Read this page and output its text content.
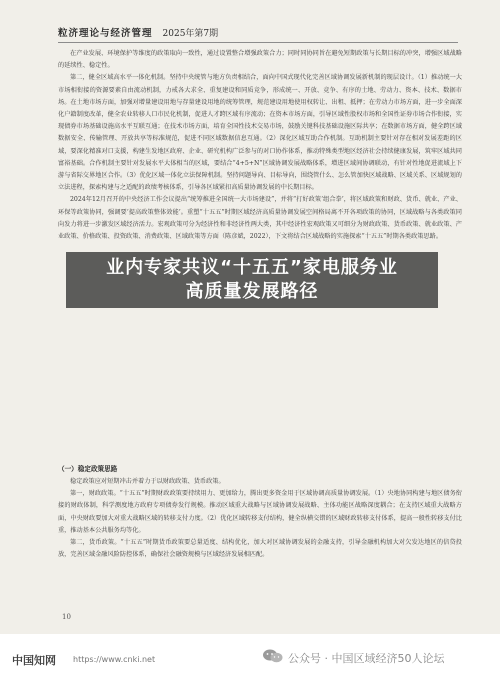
粒济理论与经济管理 2025年第7期

在产业发展、环境保护等维度的政策取向一致性，通过设置整合增强政策合力；同时同协同旨在避免短期政策与长期目标的冲突，增强区域战略的延续性、稳定性。

第二，健全区域高水平一体化机制。坚持中央统管与地方负责相结合，面向中国式现代化完善区域协调发展新机制的现层设计。（1）推动统一大市场相衔接的资源要素自由流动机制，力戒各大求全、重复建设和同质竞争，形成统一、开放、竞争、有序的土地、劳动力、资本、技术、数据市场。在土地市场方面，加强对增量建设用地与存量建设用地的统筹管理，规范建设用地使用权转让、出租、抵押；在劳动力市场方面，进一步全面深化户籍制度改革，健全农业转移人口市民化机制，促进人才跨区域有序流动；在资本市场方面，引导区域性股权市场和全国性证券市场合作衔接，实现债券市场基础设施高水平互联互通；在技术市场方面，培育全国性技术交易市场，鼓励关键科技基础设施区际共享；在数据市场方面，健全跨区域数据安全、传输管理、开放共享等标准规范，促进不同区域数据信息互通。（2）深化区域互助合作机制。互助机制主要针对存在相对发展差距的区域，要深化精准对口支援，构建生发地区政府、企业、研究机构广泛参与的对口协作体系，推动特殊类型地区经济社会持续健康发展，筑牢区域共同富裕基础。合作机制主要针对发展水平大体相当的区域，要结合“4+5+N”区域协调发展战略体系，增进区域间协调联动，有针对性地促进流域上下游与省际交界地区合作。（3）优化区域一体化立法保障机制。坚持问题导向、目标导向，围绕管什么、怎么管加快区域战略、区域关系、区域规划的立法进程，探索构建与之适配的政绩考核体系，引导各区域紧扣高质量协调发展的中长期目标。

2024年12月召开的中央经济工作会议提出“统筹推进全国统一大市场建设”，并将“打好政策‘组合拳’，将区域政策和财政、货币、就业、产业、环保等政策协同，强调要‘提高政策整体效能’。重塑“十五五”时期区域经济高质量协调发展空间格局离不开各项政策的协同，区域战略与各类政策同向发力将进一步激发区域经济活力。宏观政策可分为经济性和非经济性两大类，其中经济性宏观政策又可细分为财政政策、货币政策、就业政策、产业政策、价格政策、投资政策、消费政策、区域政策等方面（陈彦斌，2022），下文将结合区域战略的实施探索“十五五”时期各类政策思路。

（一）稳定政策思路

稳定政策应对短期冲击并着力于以财政政策、货币政策。

第一，财政政策。“十五五”时期财政政策要持续用力、更加给力，腾出更多资金用于区域协调高质量协调发展。（1）央地协同构建与地区债务衔接的财政体制，科学测度地方政府专项债券发行规模。推动区域重大战略与区域协调发展战略、主体功能区战略深度耦合；在支持区域重大战略方面，中央财政要加大对重大战略区域的转移支付力度。（2）优化区域转移支付结构，健全纵横交错的区域财政转移支付体系，提高一般性转移支付比重，推动基本公共服务均等化。

第二，货币政策。“十五五”时期货币政策要总量适度、结构优化，加大对区域协调发展的金融支持，引导金融机构加大对欠发达地区的信贷投放，完善区域金融风险防控体系，确保社会融资规模与区域经济发展相匹配。

10
业内专家共议“十五五”家电服务业
高质量发展路径
中国知网 https://www.cnki.net	公众号 · 中国区域经济50人论坛
